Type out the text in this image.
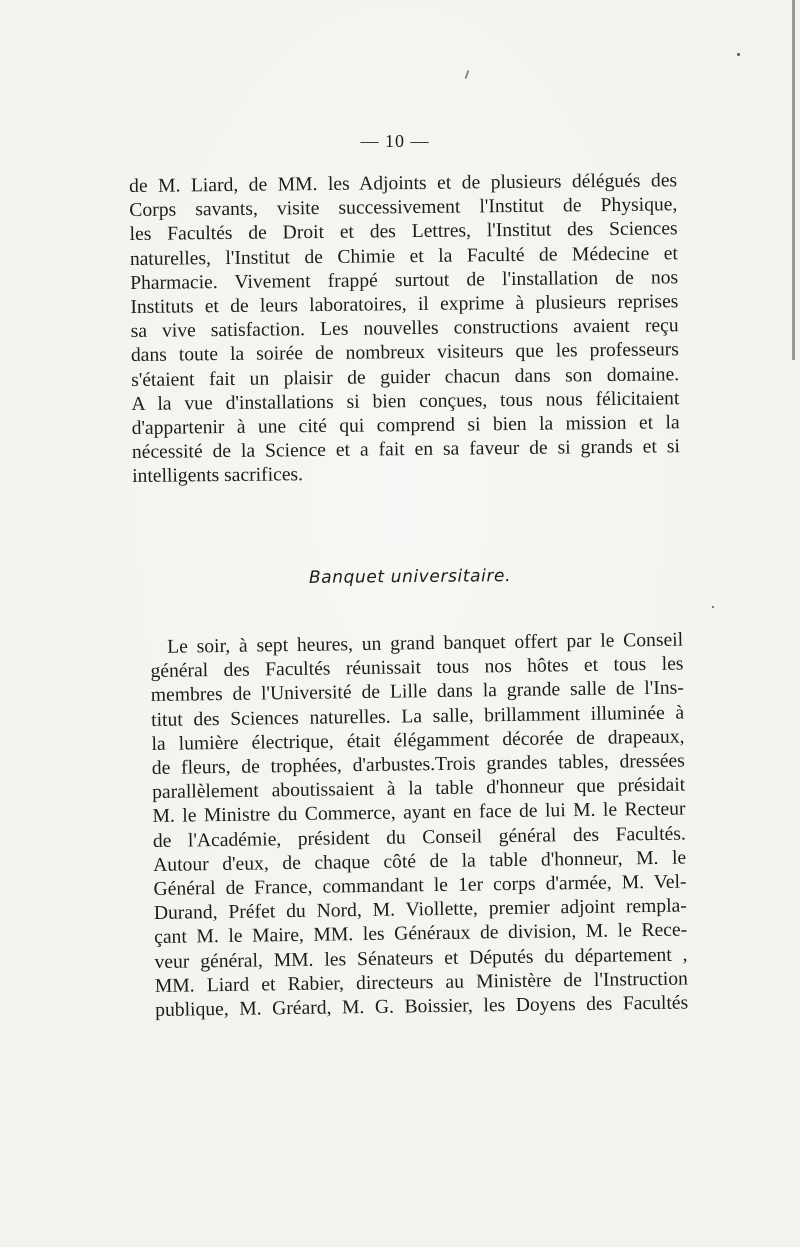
— 10 —
de M. Liard, de MM. les Adjoints et de plusieurs délégués des
Corps savants, visite successivement l'Institut de Physique,
les Facultés de Droit et des Lettres, l'Institut des Sciences
naturelles, l'Institut de Chimie et la Faculté de Médecine et
Pharmacie. Vivement frappé surtout de l'installation de nos
Instituts et de leurs laboratoires, il exprime à plusieurs reprises
sa vive satisfaction. Les nouvelles constructions avaient reçu
dans toute la soirée de nombreux visiteurs que les professeurs
s'étaient fait un plaisir de guider chacun dans son domaine.
A la vue d'installations si bien conçues, tous nous félicitaient
d'appartenir à une cité qui comprend si bien la mission et la
nécessité de la Science et a fait en sa faveur de si grands et si
intelligents sacrifices.
Banquet universitaire.
Le soir, à sept heures, un grand banquet offert par le Conseil
général des Facultés réunissait tous nos hôtes et tous les
membres de l'Université de Lille dans la grande salle de l'Ins-
titut des Sciences naturelles. La salle, brillamment illuminée à
la lumière électrique, était élégamment décorée de drapeaux,
de fleurs, de trophées, d'arbustes.Trois grandes tables, dressées
parallèlement aboutissaient à la table d'honneur que présidait
M. le Ministre du Commerce, ayant en face de lui M. le Recteur
de l'Académie, président du Conseil général des Facultés.
Autour d'eux, de chaque côté de la table d'honneur, M. le
Général de France, commandant le 1er corps d'armée, M. Vel-
Durand, Préfet du Nord, M. Viollette, premier adjoint rempla-
çant M. le Maire, MM. les Généraux de division, M. le Rece-
veur général, MM. les Sénateurs et Députés du département ,
MM. Liard et Rabier, directeurs au Ministère de l'Instruction
publique, M. Gréard, M. G. Boissier, les Doyens des Facultés
